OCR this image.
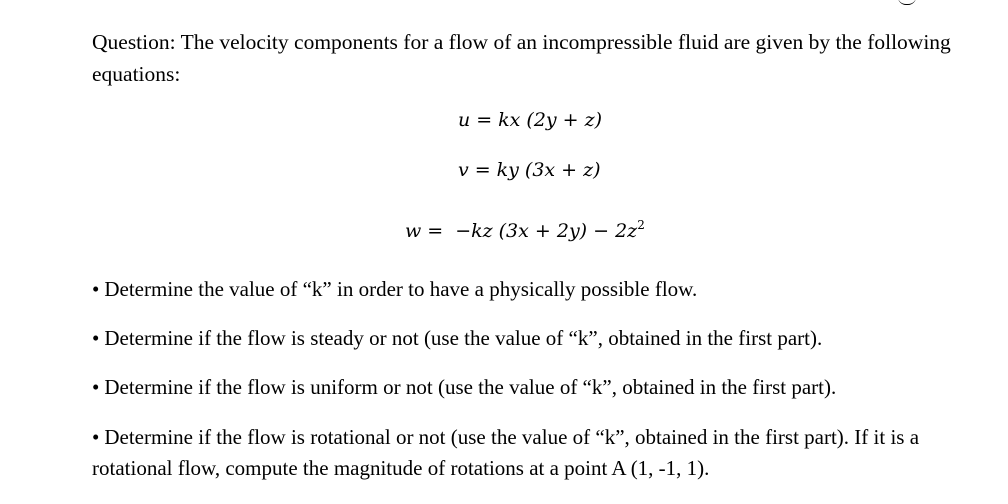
Question: The velocity components for a flow of an incompressible fluid are given by the following equations:
u = kx (2y + z)
v = ky (3x + z)
w = −kz $(3x + 2y) - 2z^2$
• Determine the value of “k” in order to have a physically possible flow.
• Determine if the flow is steady or not (use the value of “k”, obtained in the first part).
• Determine if the flow is uniform or not (use the value of “k”, obtained in the first part).
• Determine if the flow is rotational or not (use the value of “k”, obtained in the first part). If it is a rotational flow, compute the magnitude of rotations at a point A (1, -1, 1).
